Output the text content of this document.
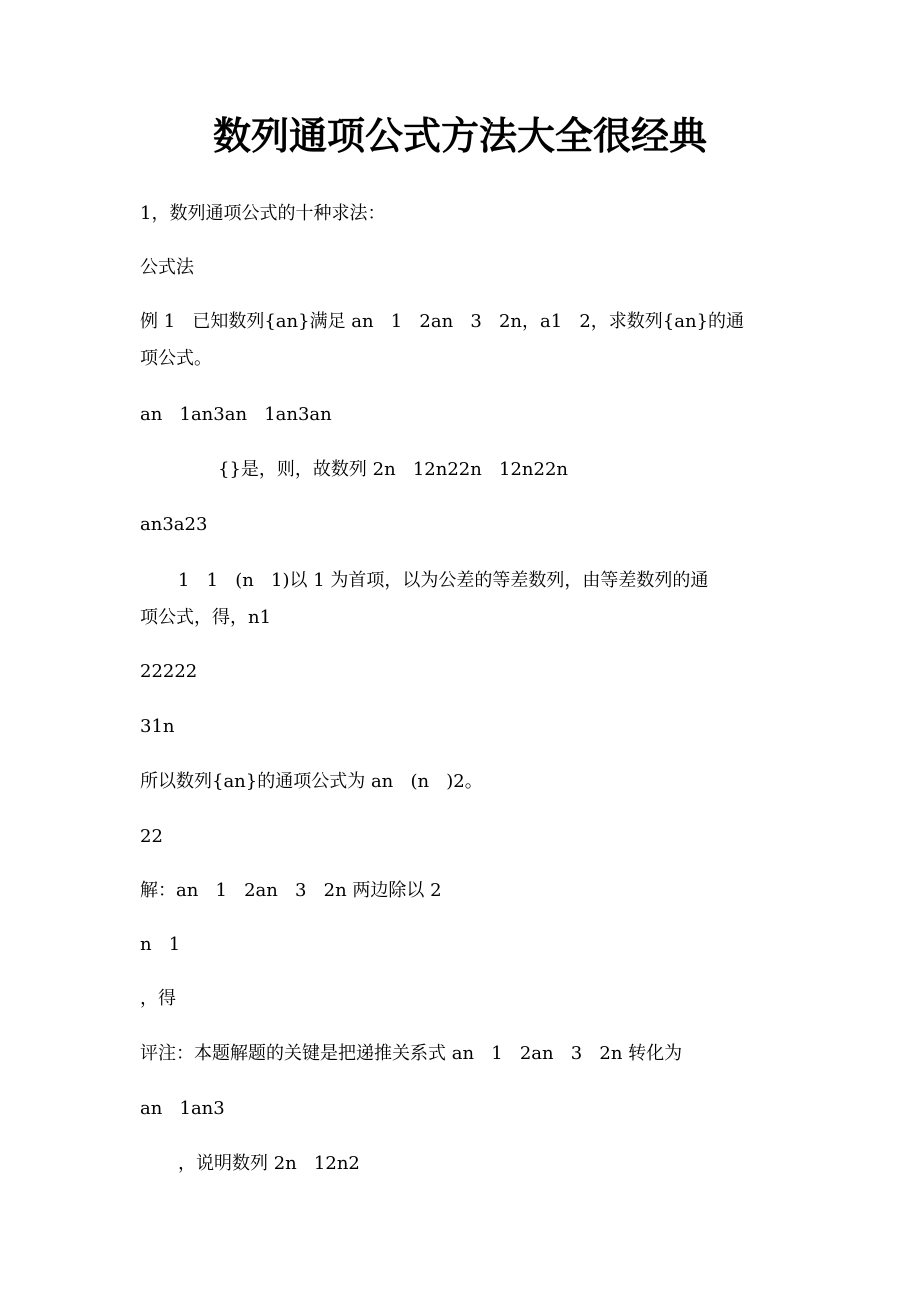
数列通项公式方法大全很经典

1，数列通项公式的十种求法：

公式法

例 1   已知数列{an}满足 an   1   2an   3   2n，a1   2，求数列{an}的通

项公式。

an   1an3an   1an3an

{}是，则，故数列 2n   12n22n   12n22n

an3a23

1   1   (n   1)以 1 为首项，以为公差的等差数列，由等差数列的通

项公式，得，n1

22222

31n

所以数列{an}的通项公式为 an   (n   )2。

22

解：an   1   2an   3   2n 两边除以 2

n   1

，得

评注：本题解题的关键是把递推关系式 an   1   2an   3   2n 转化为

an   1an3

，说明数列 2n   12n2
